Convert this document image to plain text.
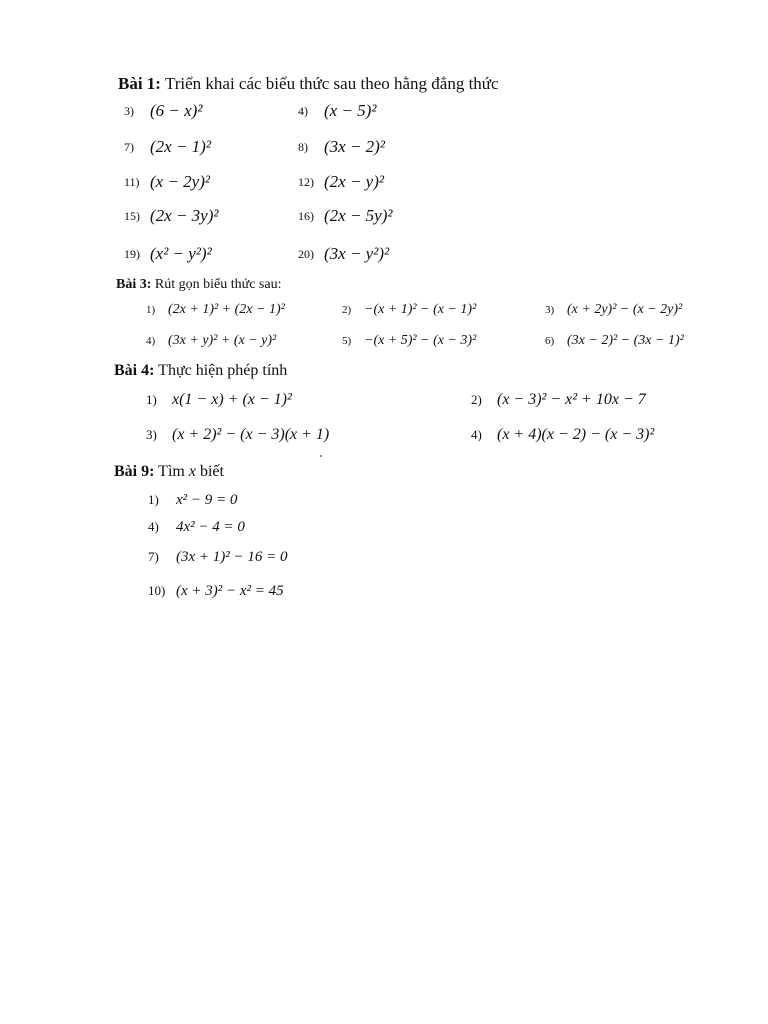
Bài 1: Triển khai các biểu thức sau theo hằng đẳng thức
3) (6 − x)²	4) (x − 5)²
7) (2x − 1)²	8) (3x − 2)²
11) (x − 2y)²	12) (2x − y)²
15) (2x − 3y)²	16) (2x − 5y)²
19) (x² − y²)²	20) (3x − y²)²
Bài 3: Rút gọn biểu thức sau:
1) (2x + 1)² + (2x − 1)²	2) −(x + 1)² − (x − 1)²	3) (x + 2y)² − (x − 2y)²
4) (3x + y)² + (x − y)²	5) −(x + 5)² − (x − 3)²	6) (3x − 2)² − (3x − 1)²
Bài 4: Thực hiện phép tính
1) x(1 − x) + (x − 1)²	2) (x − 3)² − x² + 10x − 7
3) (x + 2)² − (x − 3)(x + 1)	4) (x + 4)(x − 2) − (x − 3)²
Bài 9: Tìm x biết
1) x² − 9 = 0
4) 4x² − 4 = 0
7) (3x + 1)² − 16 = 0
10) (x + 3)² − x² = 45
